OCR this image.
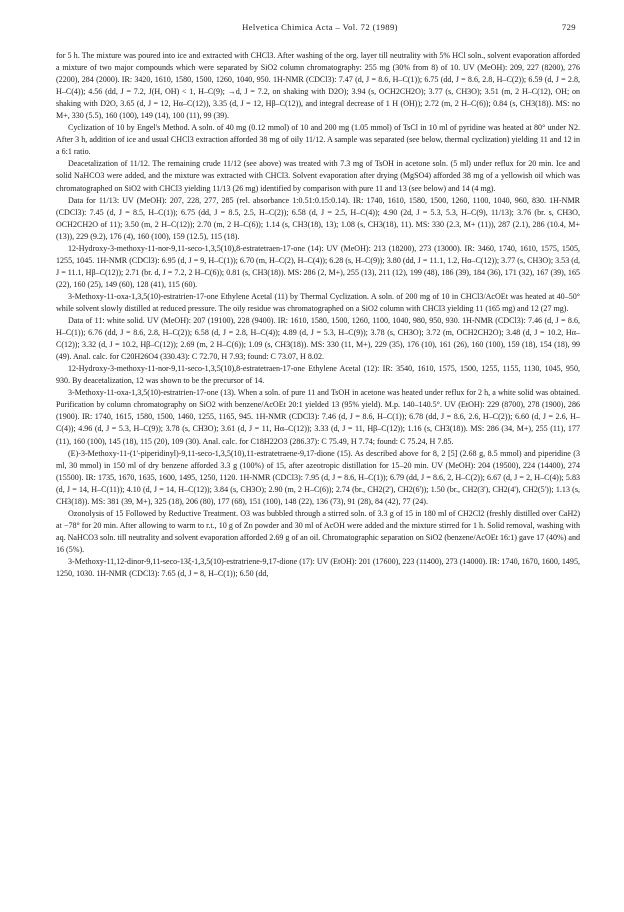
Helvetica Chimica Acta – Vol. 72 (1989)	729

for 5 h. The mixture was poured into ice and extracted with CHCl3. After washing of the org. layer till neutrality with 5% HCl soln., solvent evaporation afforded a mixture of two major compounds which were separated by SiO2 column chromatography: 255 mg (30% from 8) of 10. UV (MeOH): 209, 227 (8200), 276 (2200), 284 (2000). IR: 3420, 1610, 1580, 1500, 1260, 1040, 950. 1H-NMR (CDCl3): 7.47 (d, J = 8.6, H–C(1)); 6.75 (dd, J = 8.6, 2.8, H–C(2)); 6.59 (d, J = 2.8, H–C(4)); 4.56 (dd, J = 7.2, J(H, OH) < 1, H–C(9); →d, J = 7.2, on shaking with D2O); 3.94 (s, OCH2CH2O); 3.77 (s, CH3O); 3.51 (m, 2 H–C(12), OH; on shaking with D2O, 3.65 (d, J = 12, Hα–C(12)), 3.35 (d, J = 12, Hβ–C(12)), and integral decrease of 1 H (OH)); 2.72 (m, 2 H–C(6)); 0.84 (s, CH3(18)). MS: no M+, 330 (5.5), 160 (100), 149 (14), 100 (11), 99 (39).

Cyclization of 10 by Engel's Method. A soln. of 40 mg (0.12 mmol) of 10 and 200 mg (1.05 mmol) of TsCl in 10 ml of pyridine was heated at 80° under N2. After 3 h, addition of ice and usual CHCl3 extraction afforded 38 mg of oily 11/12. A sample was separated (see below, thermal cyclization) yielding 11 and 12 in a 6:1 ratio.

Deacetalization of 11/12. The remaining crude 11/12 (see above) was treated with 7.3 mg of TsOH in acetone soln. (5 ml) under reflux for 20 min. Ice and solid NaHCO3 were added, and the mixture was extracted with CHCl3. Solvent evaporation after drying (MgSO4) afforded 38 mg of a yellowish oil which was chromatographed on SiO2 with CHCl3 yielding 11/13 (26 mg) identified by comparison with pure 11 and 13 (see below) and 14 (4 mg).

Data for 11/13: UV (MeOH): 207, 228, 277, 285 (rel. absorbance 1:0.51:0.15:0.14). IR: 1740, 1610, 1580, 1500, 1260, 1100, 1040, 960, 830. 1H-NMR (CDCl3): 7.45 (d, J = 8.5, H–C(1)); 6.75 (dd, J = 8.5, 2.5, H–C(2)); 6.58 (d, J = 2.5, H–C(4)); 4.90 (2d, J = 5.3, 5.3, H–C(9), 11/13); 3.76 (br. s, CH3O, OCH2CH2O of 11); 3.50 (m, 2 H–C(12)); 2.70 (m, 2 H–C(6)); 1.14 (s, CH3(18), 13); 1.08 (s, CH3(18), 11). MS: 330 (2.3, M+ (11)), 287 (2.1), 286 (10.4, M+ (13)), 229 (9.2), 176 (4), 160 (100), 159 (12.5), 115 (18).

12-Hydroxy-3-methoxy-11-nor-9,11-seco-1,3,5(10),8-estratetraen-17-one (14): UV (MeOH): 213 (18200), 273 (13000). IR: 3460, 1740, 1610, 1575, 1505, 1255, 1045. 1H-NMR (CDCl3): 6.95 (d, J = 9, H–C(1)); 6.70 (m, H–C(2), H–C(4)); 6.28 (s, H–C(9)); 3.80 (dd, J = 11.1, 1.2, Hα–C(12)); 3.77 (s, CH3O); 3.53 (d, J = 11.1, Hβ–C(12)); 2.71 (br. d, J = 7.2, 2 H–C(6)); 0.81 (s, CH3(18)). MS: 286 (2, M+), 255 (13), 211 (12), 199 (48), 186 (39), 184 (36), 171 (32), 167 (39), 165 (22), 160 (25), 149 (60), 128 (41), 115 (60).

3-Methoxy-11-oxa-1,3,5(10)-estratrien-17-one Ethylene Acetal (11) by Thermal Cyclization. A soln. of 200 mg of 10 in CHCl3/AcOEt was heated at 40–50° while solvent slowly distilled at reduced pressure. The oily residue was chromatographed on a SiO2 column with CHCl3 yielding 11 (165 mg) and 12 (27 mg).

Data of 11: white solid. UV (MeOH): 207 (19100), 228 (9400). IR: 1610, 1580, 1500, 1260, 1100, 1040, 980, 950, 930. 1H-NMR (CDCl3): 7.46 (d, J = 8.6, H–C(1)); 6.76 (dd, J = 8.6, 2.8, H–C(2)); 6.58 (d, J = 2.8, H–C(4)); 4.89 (d, J = 5.3, H–C(9)); 3.78 (s, CH3O); 3.72 (m, OCH2CH2O); 3.48 (d, J = 10.2, Hα–C(12)); 3.32 (d, J = 10.2, Hβ–C(12)); 2.69 (m, 2 H–C(6)); 1.09 (s, CH3(18)). MS: 330 (11, M+), 229 (35), 176 (10), 161 (26), 160 (100), 159 (18), 154 (18), 99 (49). Anal. calc. for C20H26O4 (330.43): C 72.70, H 7.93; found: C 73.07, H 8.02.

12-Hydroxy-3-methoxy-11-nor-9,11-seco-1,3,5(10),8-estratetraen-17-one Ethylene Acetal (12): IR: 3540, 1610, 1575, 1500, 1255, 1155, 1130, 1045, 950, 930. By deacetalization, 12 was shown to be the precursor of 14.

3-Methoxy-11-oxa-1,3,5(10)-estratrien-17-one (13). When a soln. of pure 11 and TsOH in acetone was heated under reflux for 2 h, a white solid was obtained. Purification by column chromatography on SiO2 with benzene/AcOEt 20:1 yielded 13 (95% yield). M.p. 140–140.5°. UV (EtOH): 229 (8700), 278 (1900), 286 (1900). IR: 1740, 1615, 1580, 1500, 1460, 1255, 1165, 945. 1H-NMR (CDCl3): 7.46 (d, J = 8.6, H–C(1)); 6.78 (dd, J = 8.6, 2.6, H–C(2)); 6.60 (d, J = 2.6, H–C(4)); 4.96 (d, J = 5.3, H–C(9)); 3.78 (s, CH3O); 3.61 (d, J = 11, Hα–C(12)); 3.33 (d, J = 11, Hβ–C(12)); 1.16 (s, CH3(18)). MS: 286 (34, M+), 255 (11), 177 (11), 160 (100), 145 (18), 115 (20), 109 (30). Anal. calc. for C18H22O3 (286.37): C 75.49, H 7.74; found: C 75.24, H 7.85.

(E)-3-Methoxy-11-(1'-piperidinyl)-9,11-seco-1,3,5(10),11-estratetraene-9,17-dione (15). As described above for 8, 2 [5] (2.68 g, 8.5 mmol) and piperidine (3 ml, 30 mmol) in 150 ml of dry benzene afforded 3.3 g (100%) of 15, after azeotropic distillation for 15–20 min. UV (MeOH): 204 (19500), 224 (14400), 274 (15500). IR: 1735, 1670, 1635, 1600, 1495, 1250, 1120. 1H-NMR (CDCl3): 7.95 (d, J = 8.6, H–C(1)); 6.79 (dd, J = 8.6, 2, H–C(2)); 6.67 (d, J = 2, H–C(4)); 5.83 (d, J = 14, H–C(11)); 4.10 (d, J = 14, H–C(12)); 3.84 (s, CH3O); 2.90 (m, 2 H–C(6)); 2.74 (br., CH2(2'), CH2(6')); 1.50 (br., CH2(3'), CH2(4'), CH2(5')); 1.13 (s, CH3(18)). MS: 381 (39, M+), 325 (18), 206 (80), 177 (68), 151 (100), 148 (22), 136 (73), 91 (28), 84 (42), 77 (24).

Ozonolysis of 15 Followed by Reductive Treatment. O3 was bubbled through a stirred soln. of 3.3 g of 15 in 180 ml of CH2Cl2 (freshly distilled over CaH2) at −78° for 20 min. After allowing to warm to r.t., 10 g of Zn powder and 30 ml of AcOH were added and the mixture stirred for 1 h. Solid removal, washing with aq. NaHCO3 soln. till neutrality and solvent evaporation afforded 2.69 g of an oil. Chromatographic separation on SiO2 (benzene/AcOEt 16:1) gave 17 (40%) and 16 (5%).

3-Methoxy-11,12-dinor-9,11-seco-13ξ-1,3,5(10)-estratriene-9,17-dione (17): UV (EtOH): 201 (17600), 223 (11400), 273 (14000). IR: 1740, 1670, 1600, 1495, 1250, 1030. 1H-NMR (CDCl3): 7.65 (d, J = 8, H–C(1)); 6.50 (dd,
